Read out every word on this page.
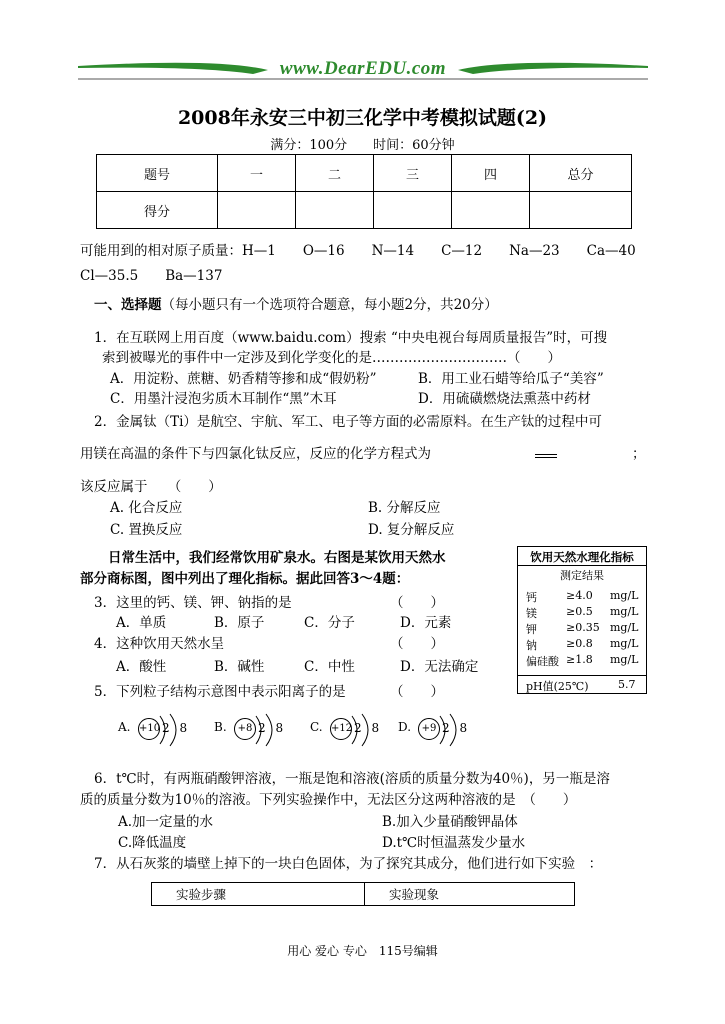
www.DearEDU.com
2008年永安三中初三化学中考模拟试题(2)
满分：100分　　时间：60分钟
题号	一	二	三	四	总分
得分					
可能用到的相对原子质量：H—1　　O—16　　N—14　　C—12　　Na—23　　Ca—40
Cl—35.5　　Ba—137
一、选择题（每小题只有一个选项符合题意，每小题2分，共20分）
1．在互联网上用百度（www.baidu.com）搜索 “中央电视台每周质量报告”时，可搜
索到被曝光的事件中一定涉及到化学变化的是…………………………（　　）
A．用淀粉、蔗糖、奶香精等掺和成“假奶粉”	B．用工业石蜡等给瓜子“美容”
C．用墨汁浸泡劣质木耳制作“黑”木耳	D．用硫磺燃烧法熏蒸中药材
2．金属钛（Ti）是航空、宇航、军工、电子等方面的必需原料。在生产钛的过程中可
用镁在高温的条件下与四氯化钛反应，反应的化学方程式为	；
该反应属于　　（　　）
A. 化合反应	B. 分解反应
C. 置换反应	D. 复分解反应
日常生活中，我们经常饮用矿泉水。右图是某饮用天然水
部分商标图，图中列出了理化指标。据此回答3～4题：
饮用天然水理化指标
测定结果
钙	≥4.0 mg/L
镁	≥0.5 mg/L
钾	≥0.35 mg/L
钠	≥0.8 mg/L
偏硅酸 ≥1.8 mg/L
pH值(25℃)	5.7
3．这里的钙、镁、钾、钠指的是	（　　）
A．单质	B．原子	C．分子	D．元素
4．这种饮用天然水呈	（　　）
A．酸性	B．碱性	C．中性	D．无法确定
5．下列粒子结构示意图中表示阳离子的是	（　　）
A. +10 2 8 B.	+8 2 8 C. +12 2 8 D.	+9 2 8
6．t℃时，有两瓶硝酸钾溶液，一瓶是饱和溶液(溶质的质量分数为40％)，另一瓶是溶
质的质量分数为10％的溶液。下列实验操作中，无法区分这两种溶液的是　（　　）
A.加一定量的水	B.加入少量硝酸钾晶体
C.降低温度	D.t℃时恒温蒸发少量水
7．从石灰浆的墙壁上掉下的一块白色固体，为了探究其成分，他们进行如下实验　：
实验步骤	实验现象
用心 爱心 专心　115号编辑
